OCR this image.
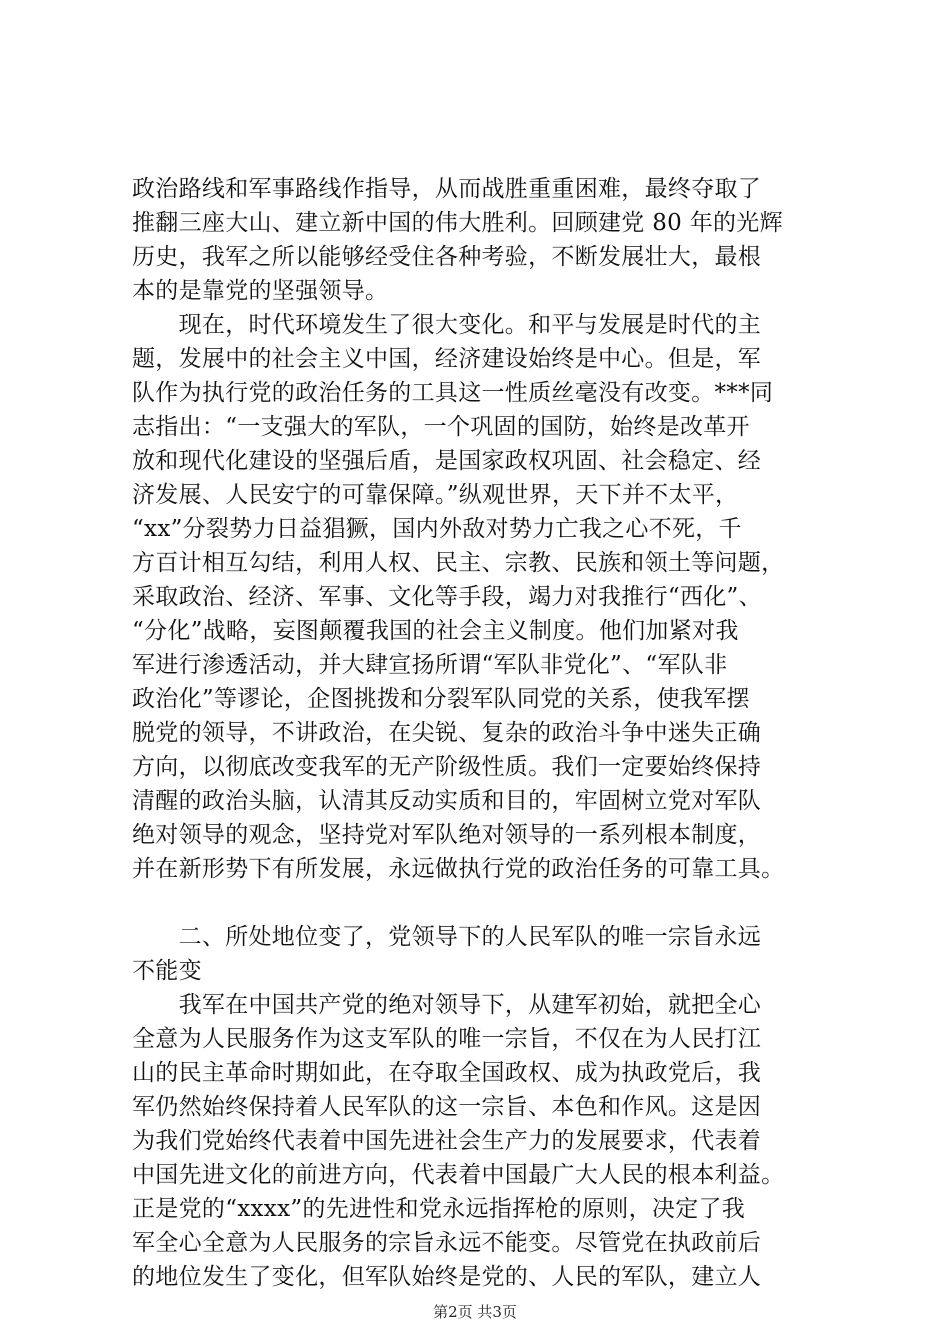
政治路线和军事路线作指导，从而战胜重重困难，最终夺取了
推翻三座大山、建立新中国的伟大胜利。回顾建党 80 年的光辉
历史，我军之所以能够经受住各种考验，不断发展壮大，最根
本的是靠党的坚强领导。
　　现在，时代环境发生了很大变化。和平与发展是时代的主
题，发展中的社会主义中国，经济建设始终是中心。但是，军
队作为执行党的政治任务的工具这一性质丝毫没有改变。***同
志指出：“一支强大的军队，一个巩固的国防，始终是改革开
放和现代化建设的坚强后盾，是国家政权巩固、社会稳定、经
济发展、人民安宁的可靠保障。”纵观世界，天下并不太平，
“xx”分裂势力日益猖獗，国内外敌对势力亡我之心不死，千
方百计相互勾结，利用人权、民主、宗教、民族和领土等问题，
采取政治、经济、军事、文化等手段，竭力对我推行“西化”、
“分化”战略，妄图颠覆我国的社会主义制度。他们加紧对我
军进行渗透活动，并大肆宣扬所谓“军队非党化”、“军队非
政治化”等谬论，企图挑拨和分裂军队同党的关系，使我军摆
脱党的领导，不讲政治，在尖锐、复杂的政治斗争中迷失正确
方向，以彻底改变我军的无产阶级性质。我们一定要始终保持
清醒的政治头脑，认清其反动实质和目的，牢固树立党对军队
绝对领导的观念，坚持党对军队绝对领导的一系列根本制度，
并在新形势下有所发展，永远做执行党的政治任务的可靠工具。
　　二、所处地位变了，党领导下的人民军队的唯一宗旨永远
不能变
　　我军在中国共产党的绝对领导下，从建军初始，就把全心
全意为人民服务作为这支军队的唯一宗旨，不仅在为人民打江
山的民主革命时期如此，在夺取全国政权、成为执政党后，我
军仍然始终保持着人民军队的这一宗旨、本色和作风。这是因
为我们党始终代表着中国先进社会生产力的发展要求，代表着
中国先进文化的前进方向，代表着中国最广大人民的根本利益。
正是党的“xxxx”的先进性和党永远指挥枪的原则，决定了我
军全心全意为人民服务的宗旨永远不能变。尽管党在执政前后
的地位发生了变化，但军队始终是党的、人民的军队，建立人
第2页 共3页
